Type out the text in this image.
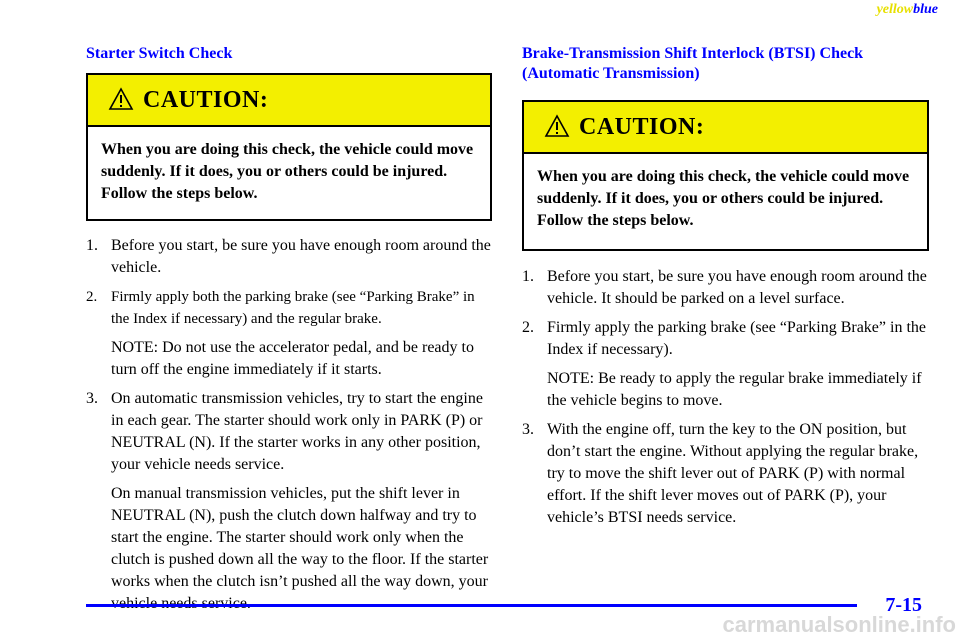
yellowblue
Starter Switch Check
CAUTION:
When you are doing this check, the vehicle could move suddenly. If it does, you or others could be injured. Follow the steps below.
1. Before you start, be sure you have enough room around the vehicle.
2. Firmly apply both the parking brake (see “Parking Brake” in the Index if necessary) and the regular brake.
NOTE: Do not use the accelerator pedal, and be ready to turn off the engine immediately if it starts.
3. On automatic transmission vehicles, try to start the engine in each gear. The starter should work only in PARK (P) or NEUTRAL (N). If the starter works in any other position, your vehicle needs service.
On manual transmission vehicles, put the shift lever in NEUTRAL (N), push the clutch down halfway and try to start the engine. The starter should work only when the clutch is pushed down all the way to the floor. If the starter works when the clutch isn’t pushed all the way down, your
Brake-Transmission Shift Interlock (BTSI) Check (Automatic Transmission)
CAUTION:
When you are doing this check, the vehicle could move suddenly. If it does, you or others could be injured. Follow the steps below.
1. Before you start, be sure you have enough room around the vehicle. It should be parked on a level surface.
2. Firmly apply the parking brake (see “Parking Brake” in the Index if necessary).
NOTE: Be ready to apply the regular brake immediately if the vehicle begins to move.
3. With the engine off, turn the key to the ON position, but don’t start the engine. Without applying the regular brake, try to move the shift lever out of PARK (P) with normal effort. If the shift lever moves out of PARK (P), your vehicle’s BTSI needs service.
7-15
carmanualsonline.info
